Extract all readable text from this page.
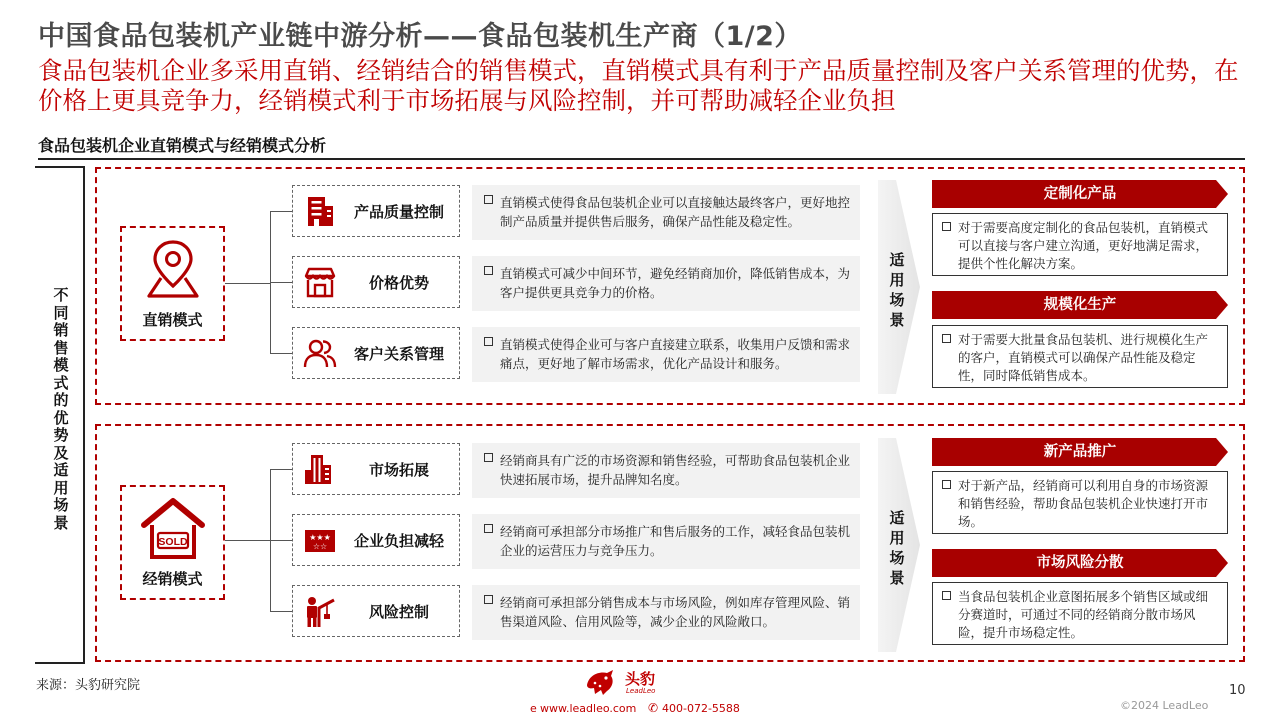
中国食品包装机产业链中游分析——食品包装机生产商（1/2）
食品包装机企业多采用直销、经销结合的销售模式，直销模式具有利于产品质量控制及客户关系管理的优势，在价格上更具竞争力，经销模式利于市场拓展与风险控制，并可帮助减轻企业负担
食品包装机企业直销模式与经销模式分析
不同销售模式的优势及适用场景
直销模式
产品质量控制	直销模式使得食品包装机企业可以直接触达最终客户，更好地控制产品质量并提供售后服务，确保产品性能及稳定性。
价格优势	直销模式可减少中间环节，避免经销商加价，降低销售成本，为客户提供更具竞争力的价格。
客户关系管理	直销模式使得企业可与客户直接建立联系，收集用户反馈和需求痛点，更好地了解市场需求，优化产品设计和服务。
适用场景
定制化产品
对于需要高度定制化的食品包装机，直销模式可以直接与客户建立沟通，更好地满足需求，提供个性化解决方案。
规模化生产
对于需要大批量食品包装机、进行规模化生产的客户，直销模式可以确保产品性能及稳定性，同时降低销售成本。
SOLD
经销模式
市场拓展	经销商具有广泛的市场资源和销售经验，可帮助食品包装机企业快速拓展市场，提升品牌知名度。
★★★
☆☆	企业负担减轻	经销商可承担部分市场推广和售后服务的工作，减轻食品包装机企业的运营压力与竞争压力。
风险控制	经销商可承担部分销售成本与市场风险，例如库存管理风险、销售渠道风险、信用风险等，减少企业的风险敞口。
适用场景
新产品推广
对于新产品，经销商可以利用自身的市场资源和销售经验，帮助食品包装机企业快速打开市场。
市场风险分散
当食品包装机企业意图拓展多个销售区域或细分赛道时，可通过不同的经销商分散市场风险，提升市场稳定性。
来源：头豹研究院	头豹
LeadLeo
e www.leadleo.com ✆ 400-072-5588
10
©2024 LeadLeo
